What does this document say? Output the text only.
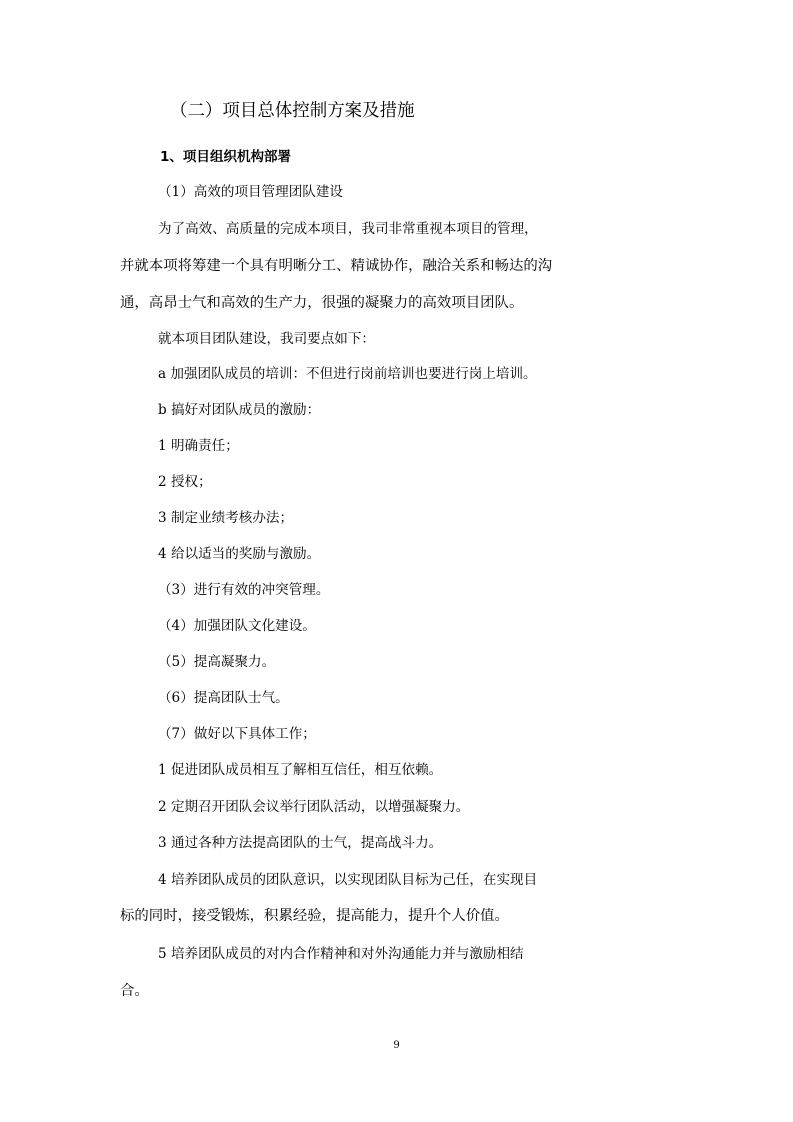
（二）项目总体控制方案及措施
1、项目组织机构部署
（1）高效的项目管理团队建设
为了高效、高质量的完成本项目，我司非常重视本项目的管理，
并就本项将筹建一个具有明晰分工、精诚协作，融洽关系和畅达的沟
通，高昂士气和高效的生产力，很强的凝聚力的高效项目团队。
就本项目团队建设，我司要点如下：
a 加强团队成员的培训：不但进行岗前培训也要进行岗上培训。
b 搞好对团队成员的激励：
1 明确责任；
2 授权；
3 制定业绩考核办法；
4 给以适当的奖励与激励。
（3）进行有效的冲突管理。
（4）加强团队文化建设。
（5）提高凝聚力。
（6）提高团队士气。
（7）做好以下具体工作；
1 促进团队成员相互了解相互信任，相互依赖。
2 定期召开团队会议举行团队活动，以增强凝聚力。
3 通过各种方法提高团队的士气，提高战斗力。
4 培养团队成员的团队意识，以实现团队目标为己任，在实现目
标的同时，接受锻炼，积累经验，提高能力，提升个人价值。
5 培养团队成员的对内合作精神和对外沟通能力并与激励相结
合。
9
